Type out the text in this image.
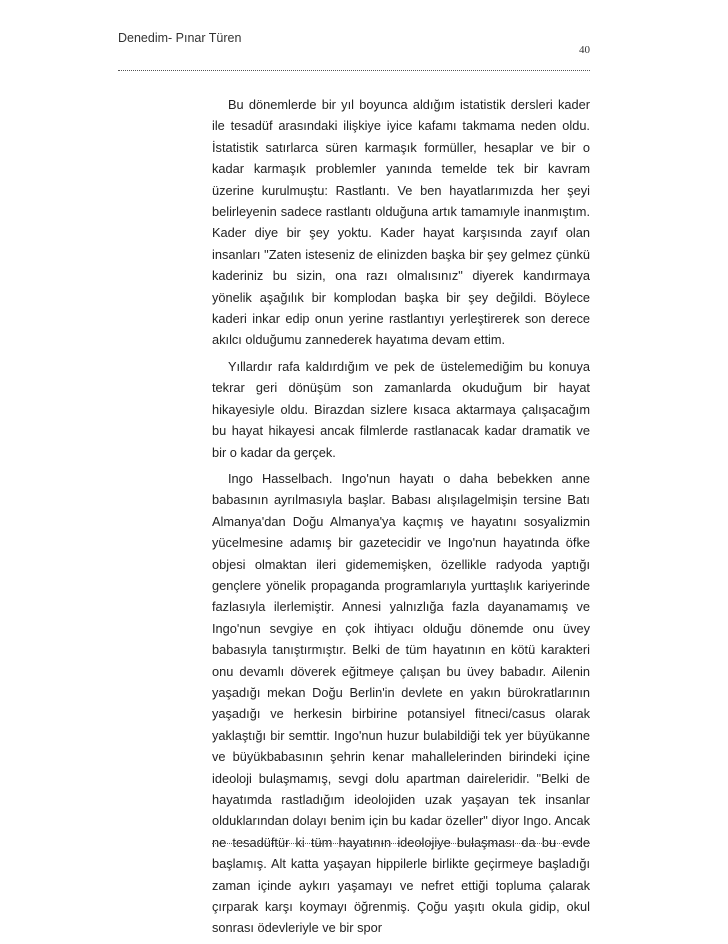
Denedim- Pınar Türen
40

Bu dönemlerde bir yıl boyunca aldığım istatistik dersleri kader ile tesadüf arasındaki ilişkiye iyice kafamı takmama neden oldu. İstatistik satırlarca süren karmaşık formüller, hesaplar ve bir o kadar karmaşık problemler yanında temelde tek bir kavram üzerine kurulmuştu: Rastlantı. Ve ben hayatlarımızda her şeyi belirleyenin sadece rastlantı olduğuna artık tamamıyle inanmıştım. Kader diye bir şey yoktu. Kader hayat karşısında zayıf olan insanları "Zaten isteseniz de elinizden başka bir şey gelmez çünkü kaderiniz bu sizin, ona razı olmalısınız" diyerek kandırmaya yönelik aşağılık bir komplodan başka bir şey değildi. Böylece kaderi inkar edip onun yerine rastlantıyı yerleştirerek son derece akılcı olduğumu zannederek hayatıma devam ettim.

Yıllardır rafa kaldırdığım ve pek de üstelemediğim bu konuya tekrar geri dönüşüm son zamanlarda okuduğum bir hayat hikayesiyle oldu. Birazdan sizlere kısaca aktarmaya çalışacağım bu hayat hikayesi ancak filmlerde rastlanacak kadar dramatik ve bir o kadar da gerçek.

Ingo Hasselbach. Ingo'nun hayatı o daha bebekken anne babasının ayrılmasıyla başlar. Babası alışılagelmişin tersine Batı Almanya'dan Doğu Almanya'ya kaçmış ve hayatını sosyalizmin yücelmesine adamış bir gazetecidir ve Ingo'nun hayatında öfke objesi olmaktan ileri gidememişken, özellikle radyoda yaptığı gençlere yönelik propaganda programlarıyla yurttaşlık kariyerinde fazlasıyla ilerlemiştir. Annesi yalnızlığa fazla dayanamamış ve Ingo'nun sevgiye en çok ihtiyacı olduğu dönemde onu üvey babasıyla tanıştırmıştır. Belki de tüm hayatının en kötü karakteri onu devamlı döverek eğitmeye çalışan bu üvey babadır. Ailenin yaşadığı mekan Doğu Berlin'in devlete en yakın bürokratlarının yaşadığı ve herkesin birbirine potansiyel fitneci/casus olarak yaklaştığı bir semttir. Ingo'nun huzur bulabildiği tek yer büyükanne ve büyükbabasının şehrin kenar mahallelerinden birindeki içine ideoloji bulaşmamış, sevgi dolu apartman daireleridir. "Belki de hayatımda rastladığım ideolojiden uzak yaşayan tek insanlar olduklarından dolayı benim için bu kadar özeller" diyor Ingo. Ancak ne tesadüftür ki tüm hayatının ideolojiye bulaşması da bu evde başlamış. Alt katta yaşayan hippilerle birlikte geçirmeye başladığı zaman içinde aykırı yaşamayı ve nefret ettiği topluma çalarak çırparak karşı koymayı öğrenmiş. Çoğu yaşıtı okula gidip, okul sonrası ödevleriyle ve bir spor
